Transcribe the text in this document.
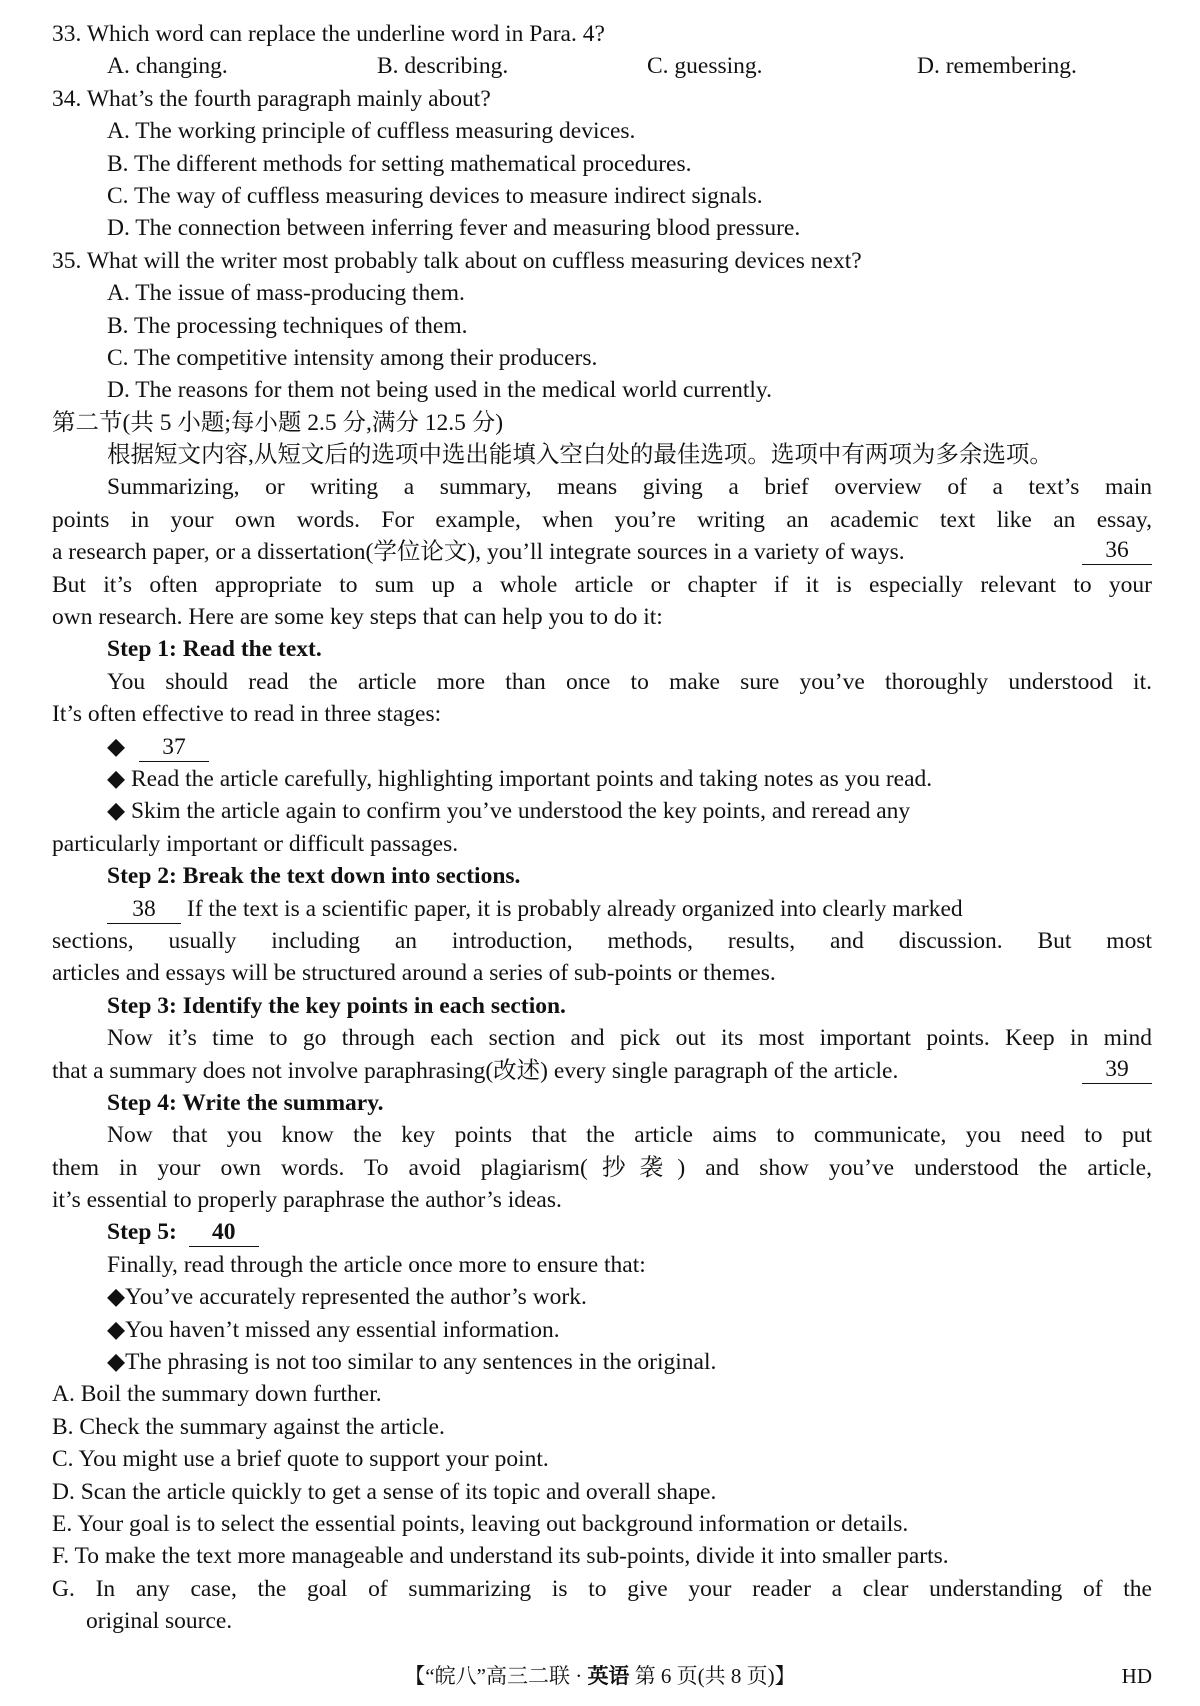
33. Which word can replace the underline word in Para. 4?
A. changing.	B. describing.	C. guessing.	D. remembering.
34. What’s the fourth paragraph mainly about?
A. The working principle of cuffless measuring devices.
B. The different methods for setting mathematical procedures.
C. The way of cuffless measuring devices to measure indirect signals.
D. The connection between inferring fever and measuring blood pressure.
35. What will the writer most probably talk about on cuffless measuring devices next?
A. The issue of mass-producing them.
B. The processing techniques of them.
C. The competitive intensity among their producers.
D. The reasons for them not being used in the medical world currently.
第二节(共 5 小题;每小题 2.5 分,满分 12.5 分)
根据短文内容,从短文后的选项中选出能填入空白处的最佳选项。选项中有两项为多余选项。
Summarizing, or writing a summary, means giving a brief overview of a text’s main
points in your own words. For example, when you’re writing an academic text like an essay,
a research paper, or a dissertation(学位论文), you’ll integrate sources in a variety of ways.	36
But it’s often appropriate to sum up a whole article or chapter if it is especially relevant to your
own research. Here are some key steps that can help you to do it:
Step 1: Read the text.
You should read the article more than once to make sure you’ve thoroughly understood it.
It’s often effective to read in three stages:
◆ 37
◆ Read the article carefully, highlighting important points and taking notes as you read.
◆ Skim the article again to confirm you’ve understood the key points, and reread any
particularly important or difficult passages.
Step 2: Break the text down into sections.
38 If the text is a scientific paper, it is probably already organized into clearly marked
sections, usually including an introduction, methods, results, and discussion. But most
articles and essays will be structured around a series of sub-points or themes.
Step 3: Identify the key points in each section.
Now it’s time to go through each section and pick out its most important points. Keep in mind
that a summary does not involve paraphrasing(改述) every single paragraph of the article.	39
Step 4: Write the summary.
Now that you know the key points that the article aims to communicate, you need to put
them in your own words. To avoid plagiarism(抄袭) and show you’ve understood the article,
it’s essential to properly paraphrase the author’s ideas.
Step 5: 40
Finally, read through the article once more to ensure that:
◆You’ve accurately represented the author’s work.
◆You haven’t missed any essential information.
◆The phrasing is not too similar to any sentences in the original.
A. Boil the summary down further.
B. Check the summary against the article.
C. You might use a brief quote to support your point.
D. Scan the article quickly to get a sense of its topic and overall shape.
E. Your goal is to select the essential points, leaving out background information or details.
F. To make the text more manageable and understand its sub-points, divide it into smaller parts.
G. In any case, the goal of summarizing is to give your reader a clear understanding of the
original source.
【“皖八”高三二联 · 英语 第 6 页(共 8 页)】	HD
